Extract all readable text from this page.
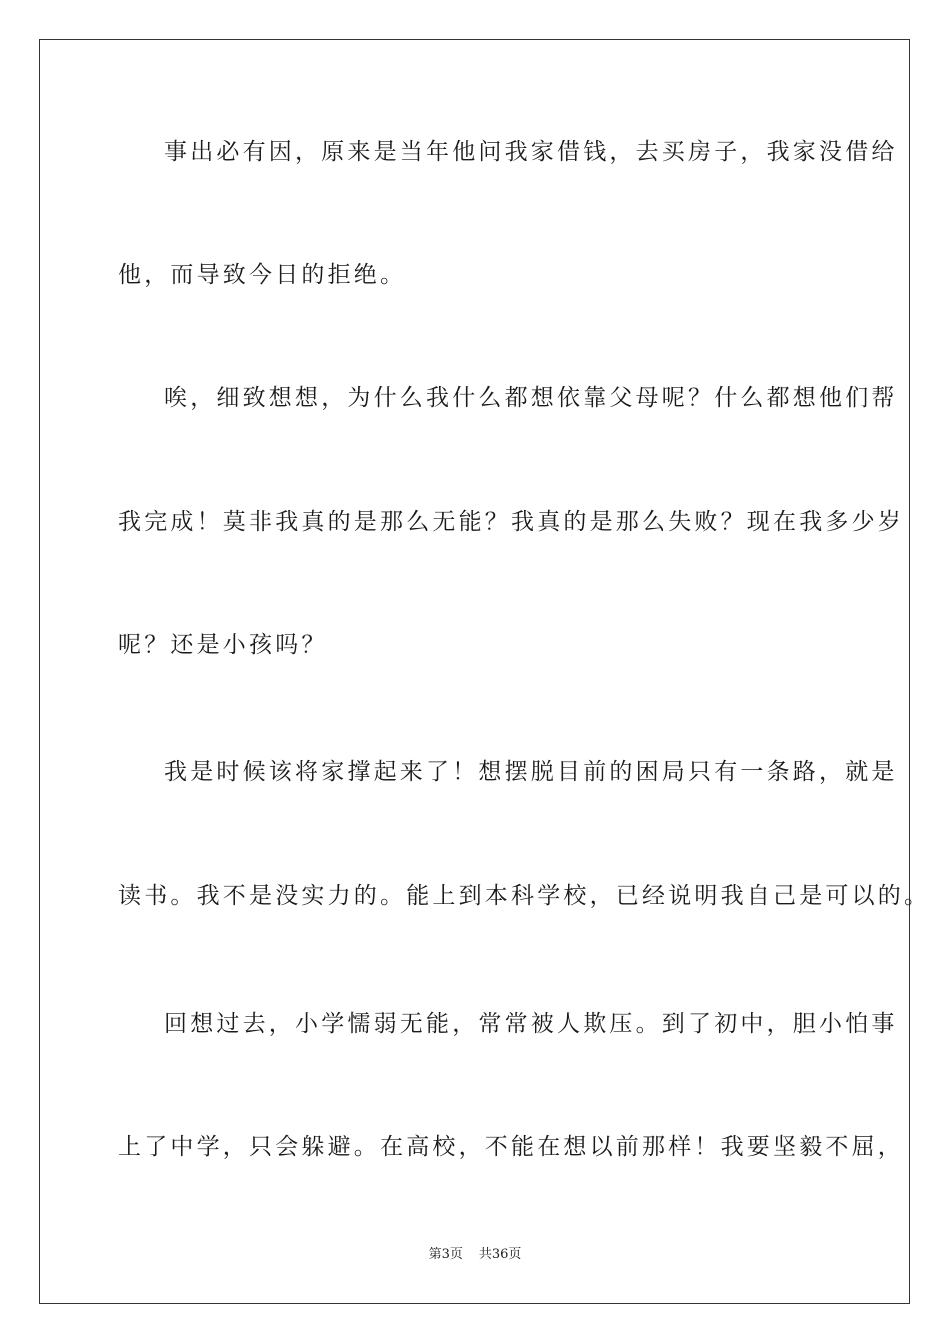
事出必有因，原来是当年他问我家借钱，去买房子，我家没借给
他，而导致今日的拒绝。
唉，细致想想，为什么我什么都想依靠父母呢？什么都想他们帮
我完成！莫非我真的是那么无能？我真的是那么失败？现在我多少岁
呢？还是小孩吗？
我是时候该将家撑起来了！想摆脱目前的困局只有一条路，就是
读书。我不是没实力的。能上到本科学校，已经说明我自己是可以的。
回想过去，小学懦弱无能，常常被人欺压。到了初中，胆小怕事
上了中学，只会躲避。在高校，不能在想以前那样！我要坚毅不屈，
第3页 共36页
